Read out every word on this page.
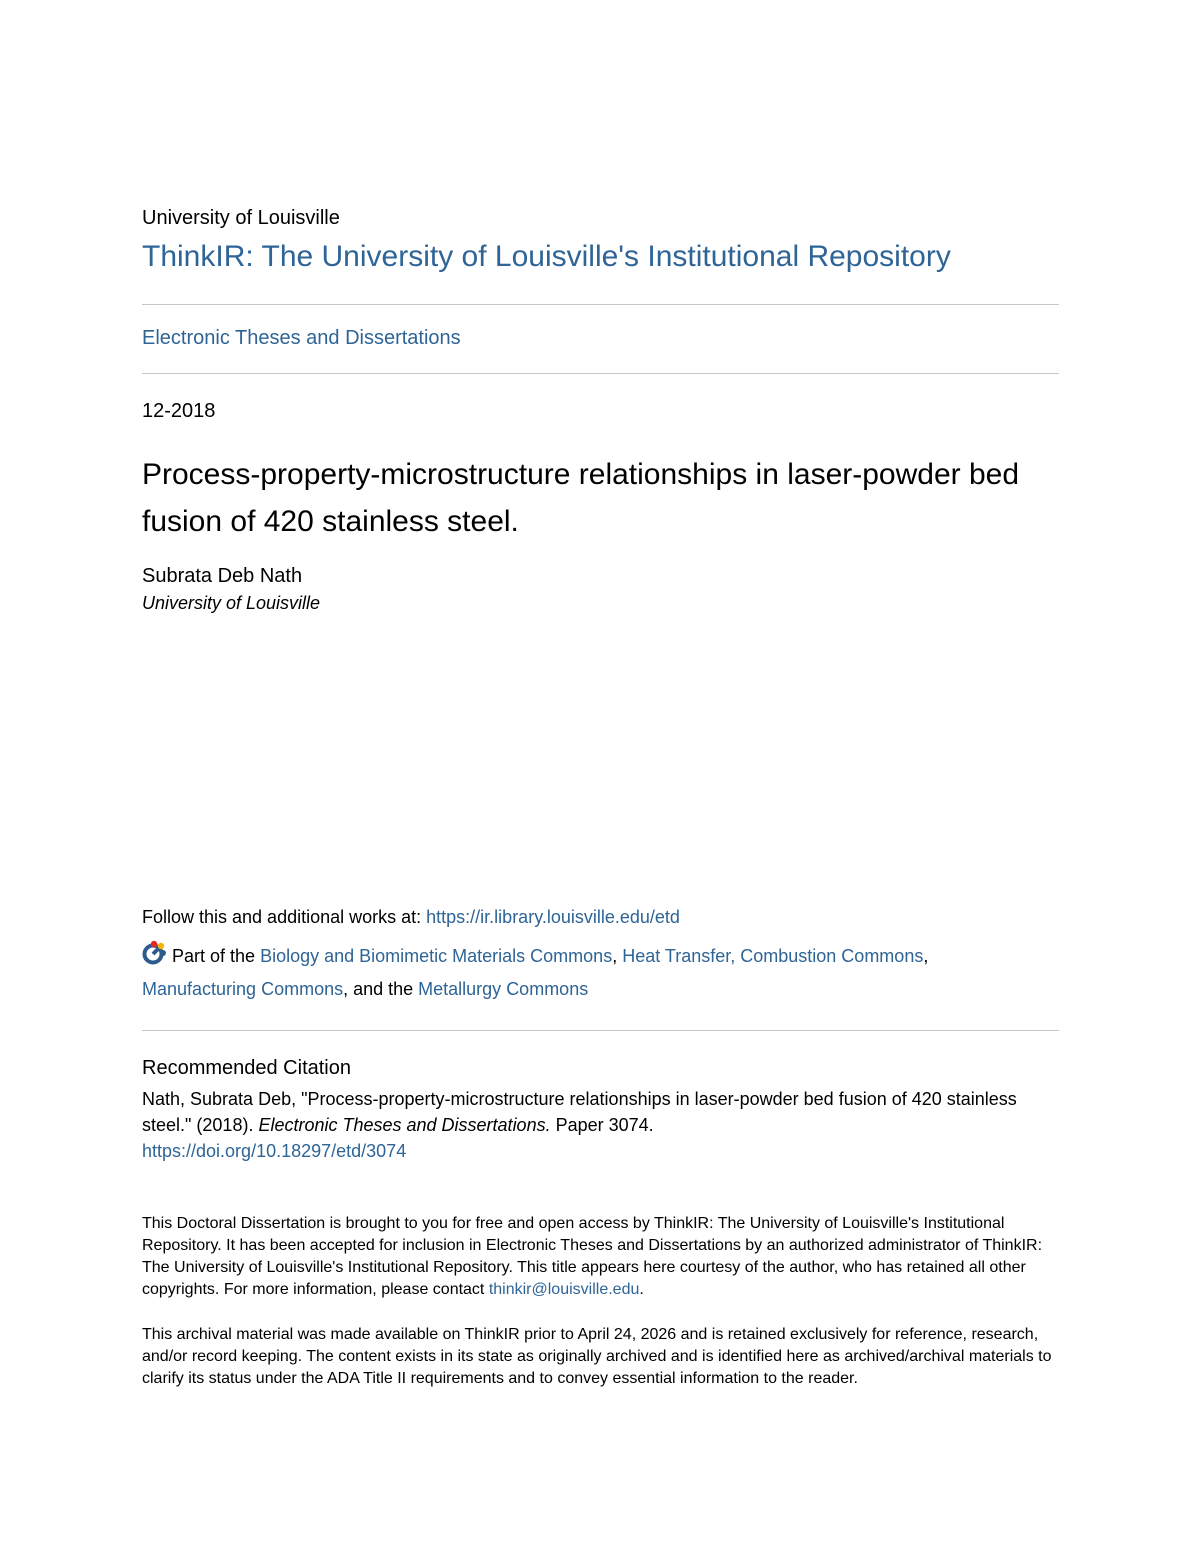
University of Louisville
ThinkIR: The University of Louisville's Institutional Repository
Electronic Theses and Dissertations
12-2018
Process-property-microstructure relationships in laser-powder bed fusion of 420 stainless steel.
Subrata Deb Nath
University of Louisville
Follow this and additional works at: https://ir.library.louisville.edu/etd
Part of the Biology and Biomimetic Materials Commons, Heat Transfer, Combustion Commons,
Manufacturing Commons, and the Metallurgy Commons
Recommended Citation
Nath, Subrata Deb, "Process-property-microstructure relationships in laser-powder bed fusion of 420 stainless steel." (2018). Electronic Theses and Dissertations. Paper 3074.
https://doi.org/10.18297/etd/3074
This Doctoral Dissertation is brought to you for free and open access by ThinkIR: The University of Louisville's Institutional Repository. It has been accepted for inclusion in Electronic Theses and Dissertations by an authorized administrator of ThinkIR: The University of Louisville's Institutional Repository. This title appears here courtesy of the author, who has retained all other copyrights. For more information, please contact thinkir@louisville.edu.
This archival material was made available on ThinkIR prior to April 24, 2026 and is retained exclusively for reference, research, and/or record keeping. The content exists in its state as originally archived and is identified here as archived/archival materials to clarify its status under the ADA Title II requirements and to convey essential information to the reader.
